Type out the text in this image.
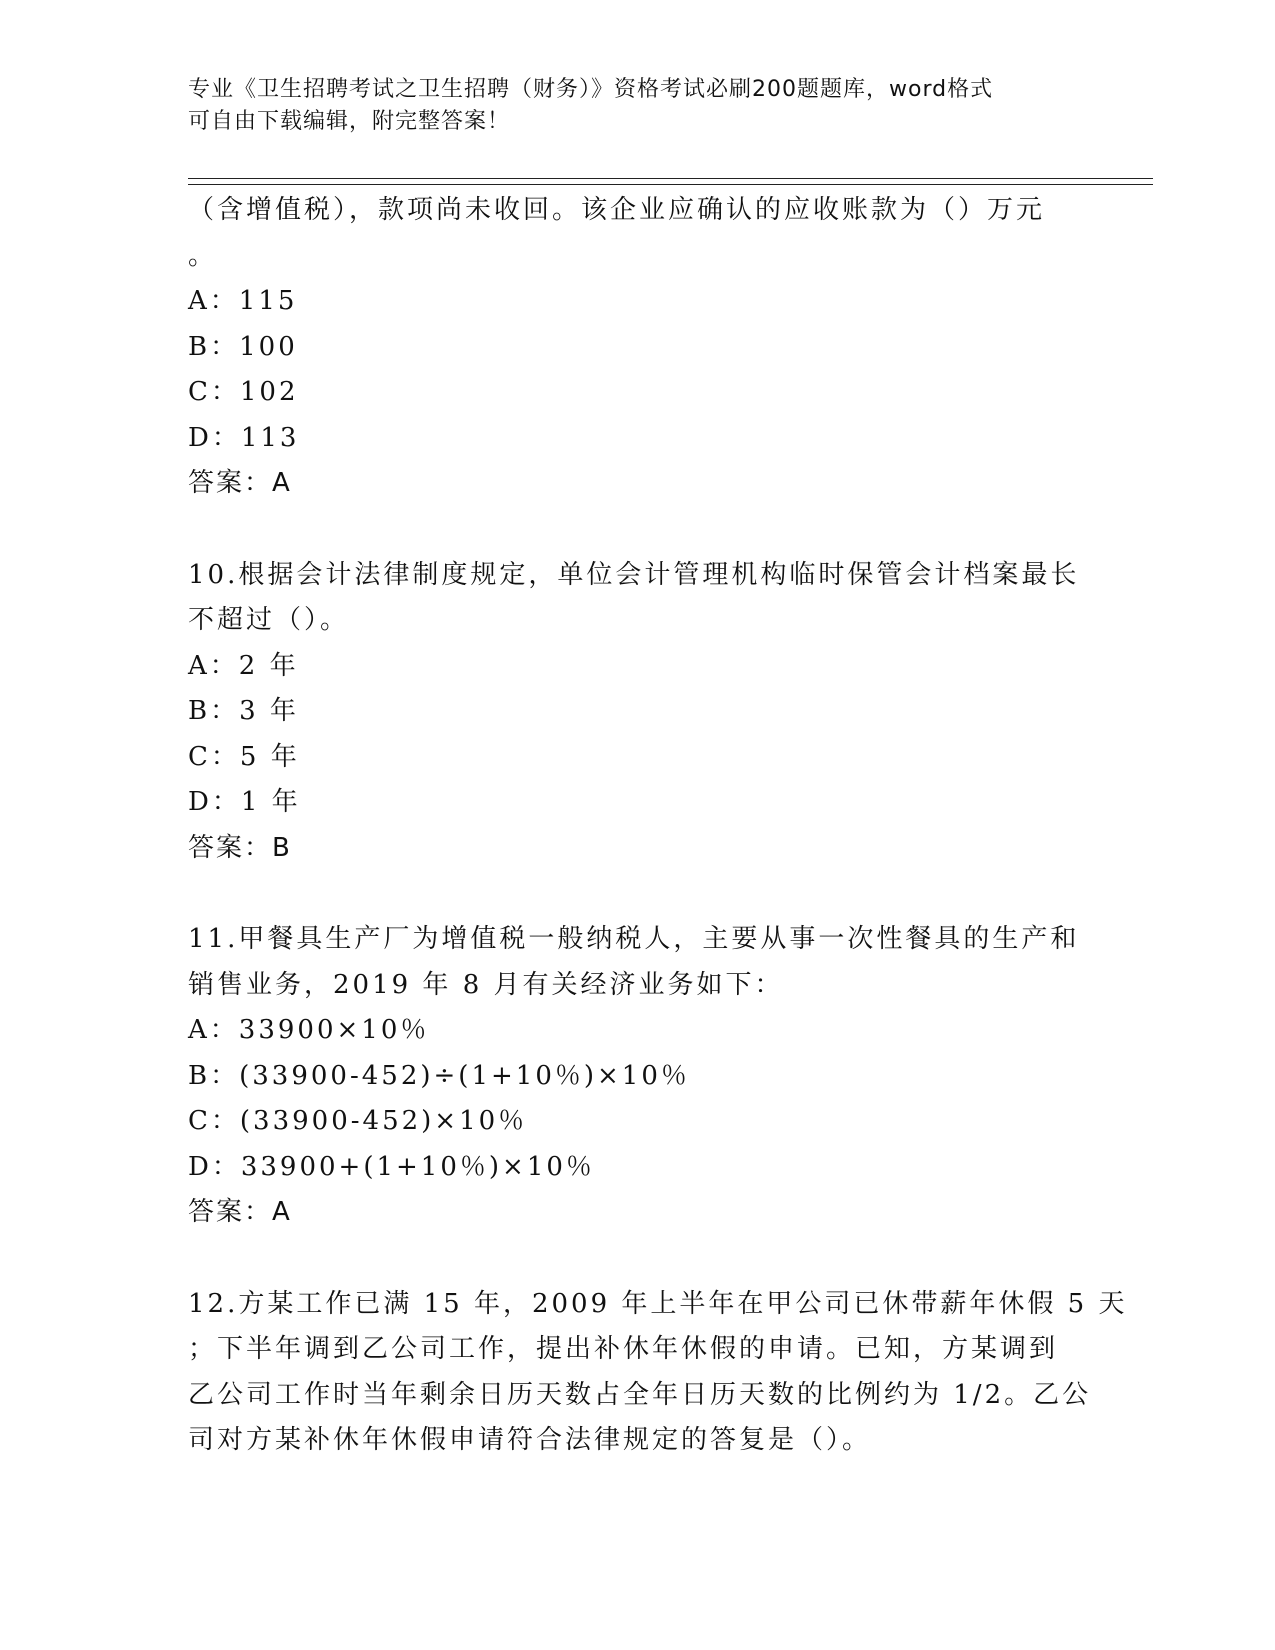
专业《卫生招聘考试之卫生招聘（财务）》资格考试必刷200题题库，word格式
可自由下载编辑，附完整答案！
（含增值税），款项尚未收回。该企业应确认的应收账款为（）万元
。
A：115
B：100
C：102
D：113
答案：A
10.根据会计法律制度规定，单位会计管理机构临时保管会计档案最长
不超过（）。
A：2 年
B：3 年
C：5 年
D：1 年
答案：B
11.甲餐具生产厂为增值税一般纳税人，主要从事一次性餐具的生产和
销售业务，2019 年 8 月有关经济业务如下：
A：33900×10％
B：(33900-452)÷(1+10％)×10％
C：(33900-452)×10％
D：33900+(1+10％)×10％
答案：A
12.方某工作已满 15 年，2009 年上半年在甲公司已休带薪年休假 5 天
；下半年调到乙公司工作，提出补休年休假的申请。已知，方某调到
乙公司工作时当年剩余日历天数占全年日历天数的比例约为 1/2。乙公
司对方某补休年休假申请符合法律规定的答复是（）。
